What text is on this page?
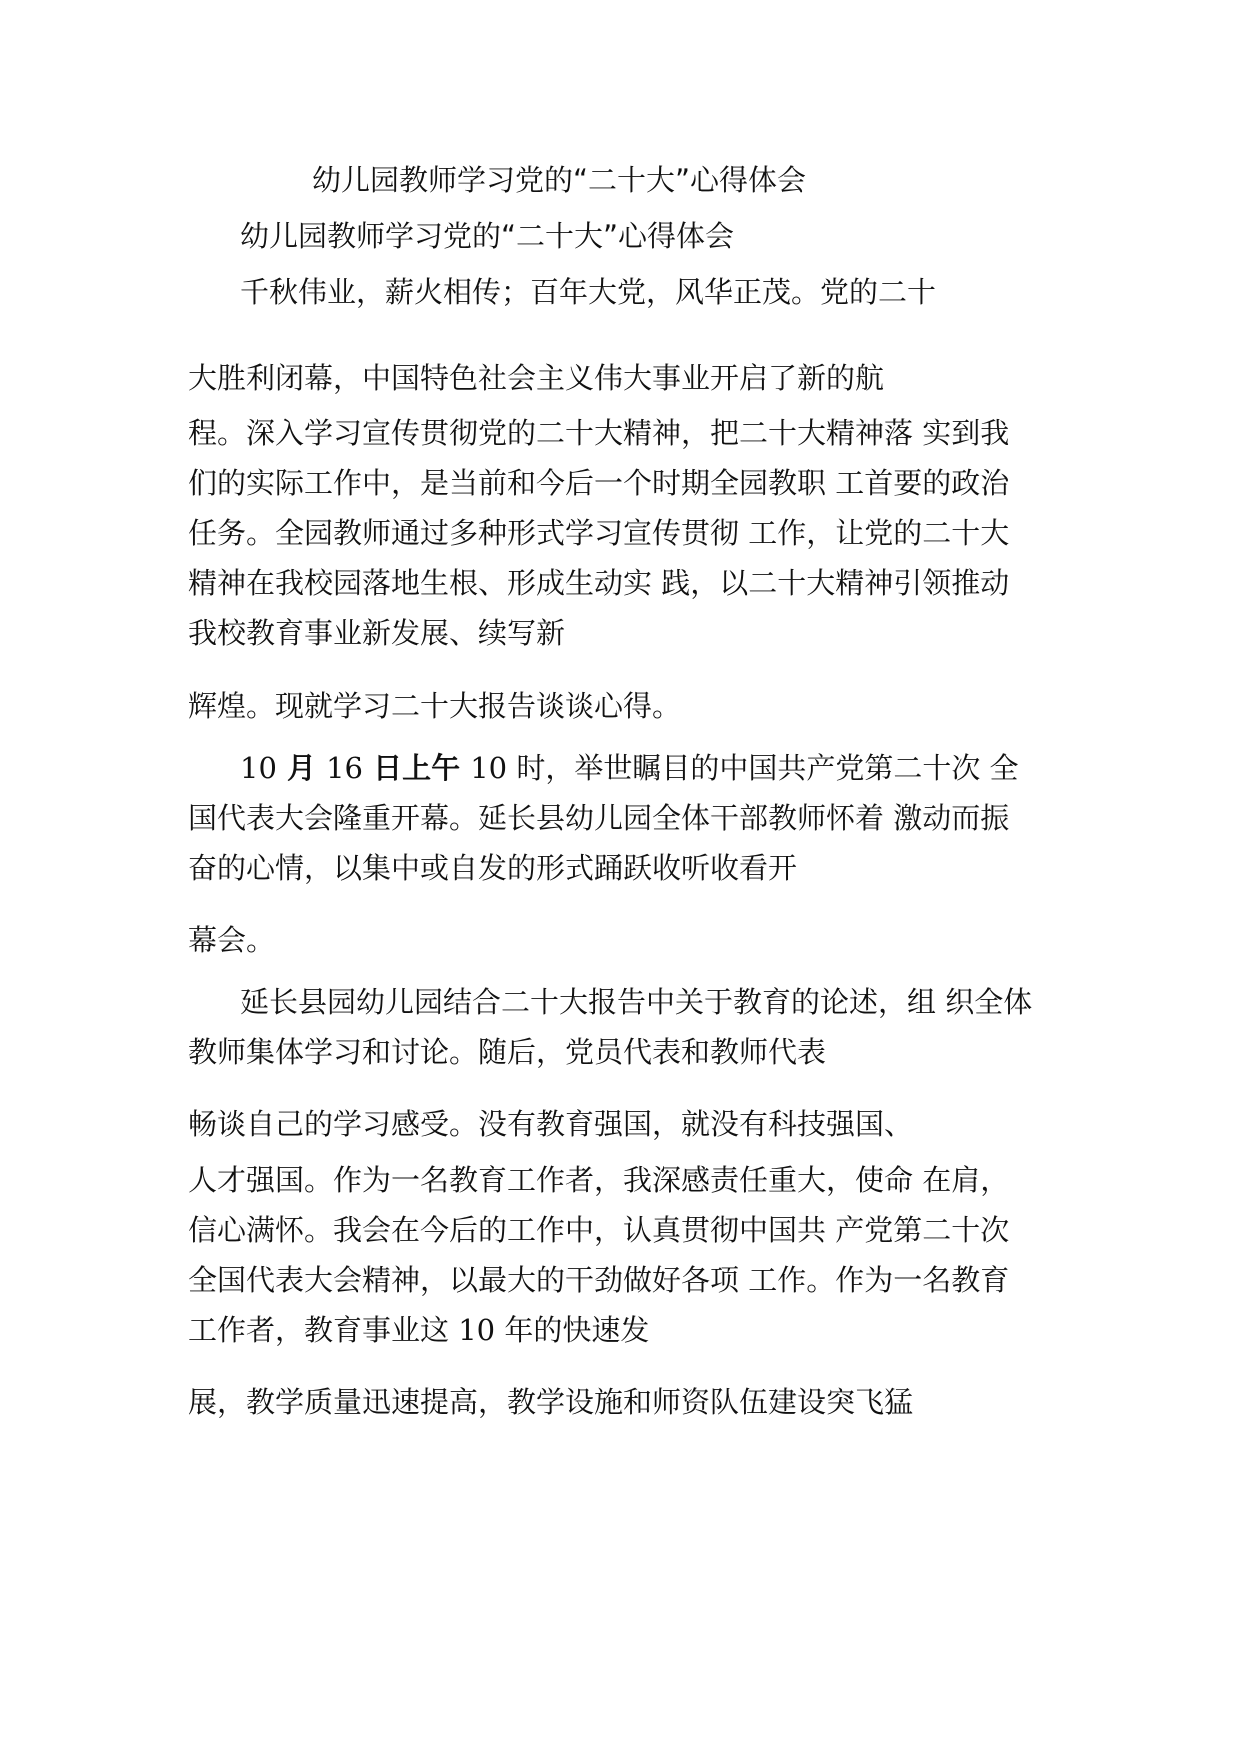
幼儿园教师学习党的“二十大”心得体会

幼儿园教师学习党的“二十大”心得体会

千秋伟业，薪火相传；百年大党，风华正茂。党的二十

大胜利闭幕，中国特色社会主义伟大事业开启了新的航

程。深入学习宣传贯彻党的二十大精神，把二十大精神落 实到我

们的实际工作中，是当前和今后一个时期全园教职 工首要的政治

任务。全园教师通过多种形式学习宣传贯彻 工作，让党的二十大

精神在我校园落地生根、形成生动实 践，以二十大精神引领推动

我校教育事业新发展、续写新

辉煌。现就学习二十大报告谈谈心得。

10 月 16 日上午 10 时，举世瞩目的中国共产党第二十次 全

国代表大会隆重开幕。延长县幼儿园全体干部教师怀着 激动而振

奋的心情，以集中或自发的形式踊跃收听收看开

幕会。

延长县园幼儿园结合二十大报告中关于教育的论述，组 织全体

教师集体学习和讨论。随后，党员代表和教师代表

畅谈自己的学习感受。没有教育强国，就没有科技强国、

人才强国。作为一名教育工作者，我深感责任重大，使命 在肩，

信心满怀。我会在今后的工作中，认真贯彻中国共 产党第二十次

全国代表大会精神，以最大的干劲做好各项 工作。作为一名教育

工作者，教育事业这 10 年的快速发

展，教学质量迅速提高，教学设施和师资队伍建设突飞猛
